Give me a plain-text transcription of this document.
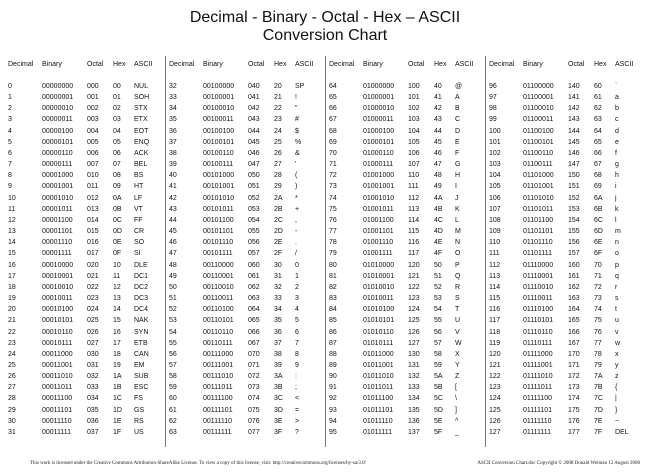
Decimal - Binary - Octal - Hex – ASCII
Conversion Chart
Decimal Binary	Octal Hex ASCII
0	00000000 000 00 NUL
1	00000001 001 01 SOH
2	00000010 002 02 STX
3	00000011 003 03 ETX
4	00000100 004 04 EOT
5	00000101 005 05 ENQ
6	00000110 006 06 ACK
7	00000111 007 07 BEL
8	00001000 010 08 BS
9	00001001 011 09 HT
10	00001010 012 0A LF
11	00001011 013 0B VT
12	00001100 014 0C FF
13	00001101 015 0D CR
14	00001110 016 0E SO
15	00001111 017 0F SI
16	00010000 020 10 DLE
17	00010001 021 11 DC1
18	00010010 022 12 DC2
19	00010011 023 13 DC3
20	00010100 024 14 DC4
21	00010101 025 15 NAK
22	00010110 026 16 SYN
23	00010111 027 17 ETB
24	00011000 030 18 CAN
25	00011001 031 19 EM
26	00011010 032 1A SUB
27	00011011 033 1B ESC
28	00011100 034 1C FS
29	00011101 035 1D GS
30	00011110 036 1E RS
31	00011111 037 1F US
Decimal Binary	Octal Hex ASCII
32	00100000 040 20 SP
33	00100001 041 21 !
34	00100010 042 22 "
35	00100011 043 23 #
36	00100100 044 24 $
37	00100101 045 25 %
38	00100110 046 26 &
39	00100111 047 27 '
40	00101000 050 28 (
41	00101001 051 29 )
42	00101010 052 2A *
43	00101011 053 2B +
44	00101100 054 2C ,
45	00101101 055 2D -
46	00101110 056 2E .
47	00101111 057 2F /
48	00110000 060 30 0
49	00110001 061 31 1
50	00110010 062 32 2
51	00110011 063 33 3
52	00110100 064 34 4
53	00110101 065 35 5
54	00110110 066 36 6
55	00110111 067 37 7
56	00111000 070 38 8
57	00111001 071 39 9
58	00111010 072 3A :
59	00111011 073 3B ;
60	00111100 074 3C <
61	00111101 075 3D =
62	00111110 076 3E >
63	00111111 077 3F ?
Decimal Binary	Octal Hex ASCII
64	01000000 100 40 @
65	01000001 101 41 A
66	01000010 102 42 B
67	01000011 103 43 C
68	01000100 104 44 D
69	01000101 105 45 E
70	01000110 106 46 F
71	01000111 107 47 G
72	01001000 110 48 H
73	01001001 111 49 I
74	01001010 112 4A J
75	01001011 113 4B K
76	01001100 114 4C L
77	01001101 115 4D M
78	01001110 116 4E N
79	01001111 117 4F O
80	01010000 120 50 P
81	01010001 121 51 Q
82	01010010 122 52 R
83	01010011 123 53 S
84	01010100 124 54 T
85	01010101 125 55 U
86	01010110 126 56 V
87	01010111 127 57 W
88	01011000 130 58 X
89	01011001 131 59 Y
90	01011010 132 5A Z
91	01011011 133 5B [
92	01011100 134 5C \
93	01011101 135 5D ]
94	01011110 136 5E ^
95	01011111 137 5F _
Decimal Binary	Octal Hex ASCII
96	01100000 140 60 `
97	01100001 141 61 a
98	01100010 142 62 b
99	01100011 143 63 c
100	01100100 144 64 d
101	01100101 145 65 e
102	01100110 146 66 f
103	01100111 147 67 g
104	01101000 150 68 h
105	01101001 151 69 i
106	01101010 152 6A j
107	01101011 153 6B k
108	01101100 154 6C l
109	01101101 155 6D m
110	01101110 156 6E n
111	01101111 157 6F o
112	01110000 160 70 p
113	01110001 161 71 q
114	01110010 162 72 r
115	01110011 163 73 s
116	01110100 164 74 t
117	01110101 165 75 u
118	01110110 166 76 v
119	01110111 167 77 w
120	01111000 170 78 x
121	01111001 171 79 y
122	01111010 172 7A z
123	01111011 173 7B {
124	01111100 174 7C |
125	01111101 175 7D }
126	01111110 176 7E ~
127	01111111 177 7F DEL
This work is licensed under the Creative Commons Attribution-ShareAlike License. To view a copy of this license, visit: http://creativecommons.org/licenses/by-sa/3.0/	ASCII Conversion Chart.doc Copyright © 2008 Donald Weiman 12 August 2008
